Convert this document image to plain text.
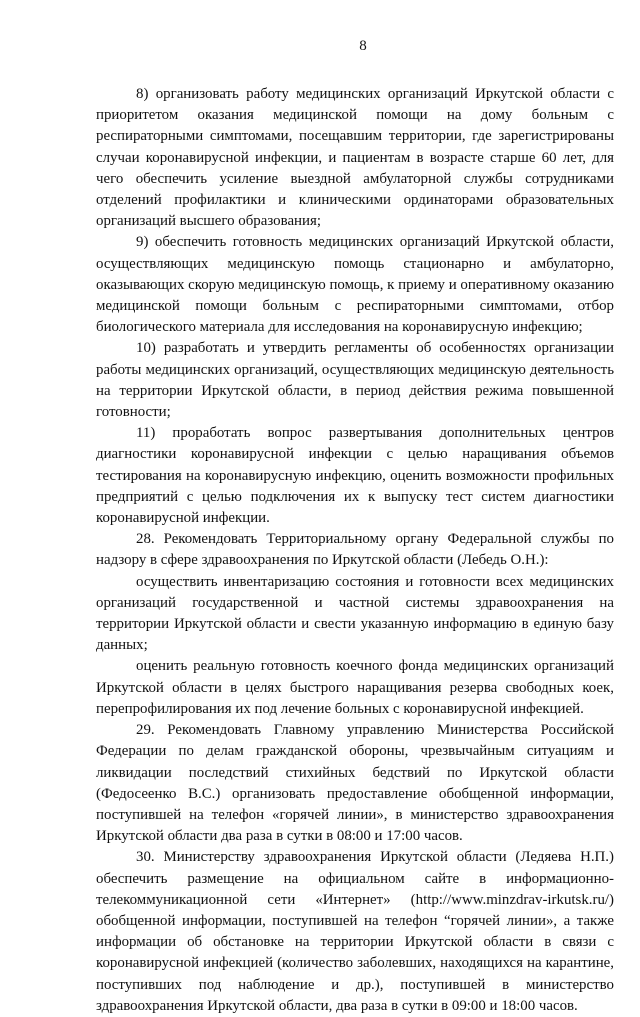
8

8) организовать работу медицинских организаций Иркутской области с приоритетом оказания медицинской помощи на дому больным с респираторными симптомами, посещавшим территории, где зарегистрированы случаи коронавирусной инфекции, и пациентам в возрасте старше 60 лет, для чего обеспечить усиление выездной амбулаторной службы сотрудниками отделений профилактики и клиническими ординаторами образовательных организаций высшего образования;

9) обеспечить готовность медицинских организаций Иркутской области, осуществляющих медицинскую помощь стационарно и амбулаторно, оказывающих скорую медицинскую помощь, к приему и оперативному оказанию медицинской помощи больным с респираторными симптомами, отбор биологического материала для исследования на коронавирусную инфекцию;

10) разработать и утвердить регламенты об особенностях организации работы медицинских организаций, осуществляющих медицинскую деятельность на территории Иркутской области, в период действия режима повышенной готовности;

11) проработать вопрос развертывания дополнительных центров диагностики коронавирусной инфекции с целью наращивания объемов тестирования на коронавирусную инфекцию, оценить возможности профильных предприятий с целью подключения их к выпуску тест систем диагностики коронавирусной инфекции.

28. Рекомендовать Территориальному органу Федеральной службы по надзору в сфере здравоохранения по Иркутской области (Лебедь О.Н.):

осуществить инвентаризацию состояния и готовности всех медицинских организаций государственной и частной системы здравоохранения на территории Иркутской области и свести указанную информацию в единую базу данных;

оценить реальную готовность коечного фонда медицинских организаций Иркутской области в целях быстрого наращивания резерва свободных коек, перепрофилирования их под лечение больных с коронавирусной инфекцией.

29. Рекомендовать Главному управлению Министерства Российской Федерации по делам гражданской обороны, чрезвычайным ситуациям и ликвидации последствий стихийных бедствий по Иркутской области (Федосеенко В.С.) организовать предоставление обобщенной информации, поступившей на телефон «горячей линии», в министерство здравоохранения Иркутской области два раза в сутки в 08:00 и 17:00 часов.

30. Министерству здравоохранения Иркутской области (Ледяева Н.П.) обеспечить размещение на официальном сайте в информационно-телекоммуникационной сети «Интернет» (http://www.minzdrav-irkutsk.ru/) обобщенной информации, поступившей на телефон “горячей линии», а также информации об обстановке на территории Иркутской области в связи с коронавирусной инфекцией (количество заболевших, находящихся на карантине, поступивших под наблюдение и др.), поступившей в министерство здравоохранения Иркутской области, два раза в сутки в 09:00 и 18:00 часов.
